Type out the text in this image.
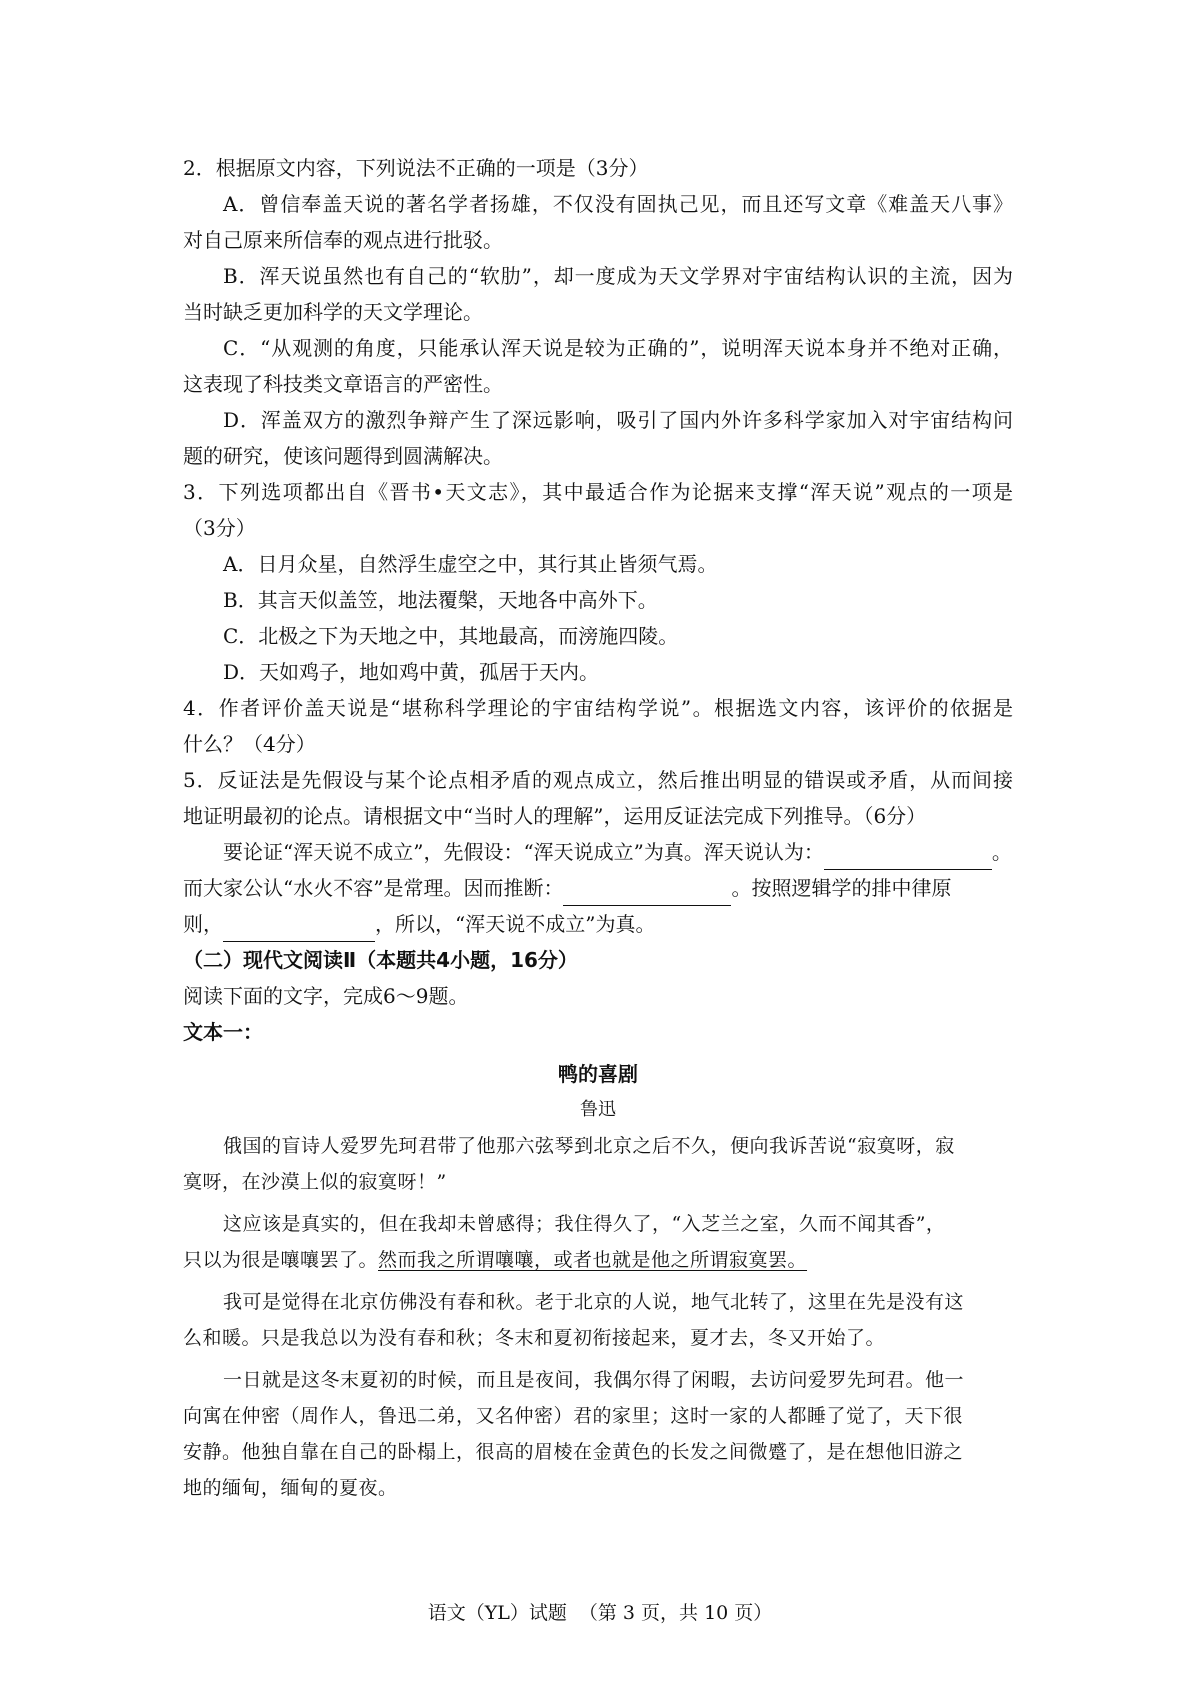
2．根据原文内容，下列说法不正确的一项是（3分）
A．曾信奉盖天说的著名学者扬雄，不仅没有固执己见，而且还写文章《难盖天八事》
对自己原来所信奉的观点进行批驳。
B．浑天说虽然也有自己的“软肋”，却一度成为天文学界对宇宙结构认识的主流，因为
当时缺乏更加科学的天文学理论。
C．“从观测的角度，只能承认浑天说是较为正确的”，说明浑天说本身并不绝对正确，
这表现了科技类文章语言的严密性。
D．浑盖双方的激烈争辩产生了深远影响，吸引了国内外许多科学家加入对宇宙结构问
题的研究，使该问题得到圆满解决。
3．下列选项都出自《晋书•天文志》，其中最适合作为论据来支撑“浑天说”观点的一项是
（3分）
A．日月众星，自然浮生虚空之中，其行其止皆须气焉。
B．其言天似盖笠，地法覆槃，天地各中高外下。
C．北极之下为天地之中，其地最高，而滂施四陵。
D．天如鸡子，地如鸡中黄，孤居于天内。
4．作者评价盖天说是“堪称科学理论的宇宙结构学说”。根据选文内容，该评价的依据是
什么？（4分）
5．反证法是先假设与某个论点相矛盾的观点成立，然后推出明显的错误或矛盾，从而间接
地证明最初的论点。请根据文中“当时人的理解”，运用反证法完成下列推导。（6分）
要论证“浑天说不成立”，先假设：“浑天说成立”为真。浑天说认为：	。
而大家公认“水火不容”是常理。因而推断：	。按照逻辑学的排中律原
则，	，所以，“浑天说不成立”为真。
（二）现代文阅读Ⅱ（本题共4小题，16分）
阅读下面的文字，完成6～9题。
文本一：
鸭的喜剧
鲁迅
俄国的盲诗人爱罗先珂君带了他那六弦琴到北京之后不久，便向我诉苦说“寂寞呀，寂
寞呀，在沙漠上似的寂寞呀！”
这应该是真实的，但在我却未曾感得；我住得久了，“入芝兰之室，久而不闻其香”，
只以为很是嚷嚷罢了。然而我之所谓嚷嚷，或者也就是他之所谓寂寞罢。
我可是觉得在北京仿佛没有春和秋。老于北京的人说，地气北转了，这里在先是没有这
么和暖。只是我总以为没有春和秋；冬末和夏初衔接起来，夏才去，冬又开始了。
一日就是这冬末夏初的时候，而且是夜间，我偶尔得了闲暇，去访问爱罗先珂君。他一
向寓在仲密（周作人，鲁迅二弟，又名仲密）君的家里；这时一家的人都睡了觉了，天下很
安静。他独自靠在自己的卧榻上，很高的眉棱在金黄色的长发之间微蹙了，是在想他旧游之
地的缅甸，缅甸的夏夜。
语文（YL）试题 （第 3 页，共 10 页）
